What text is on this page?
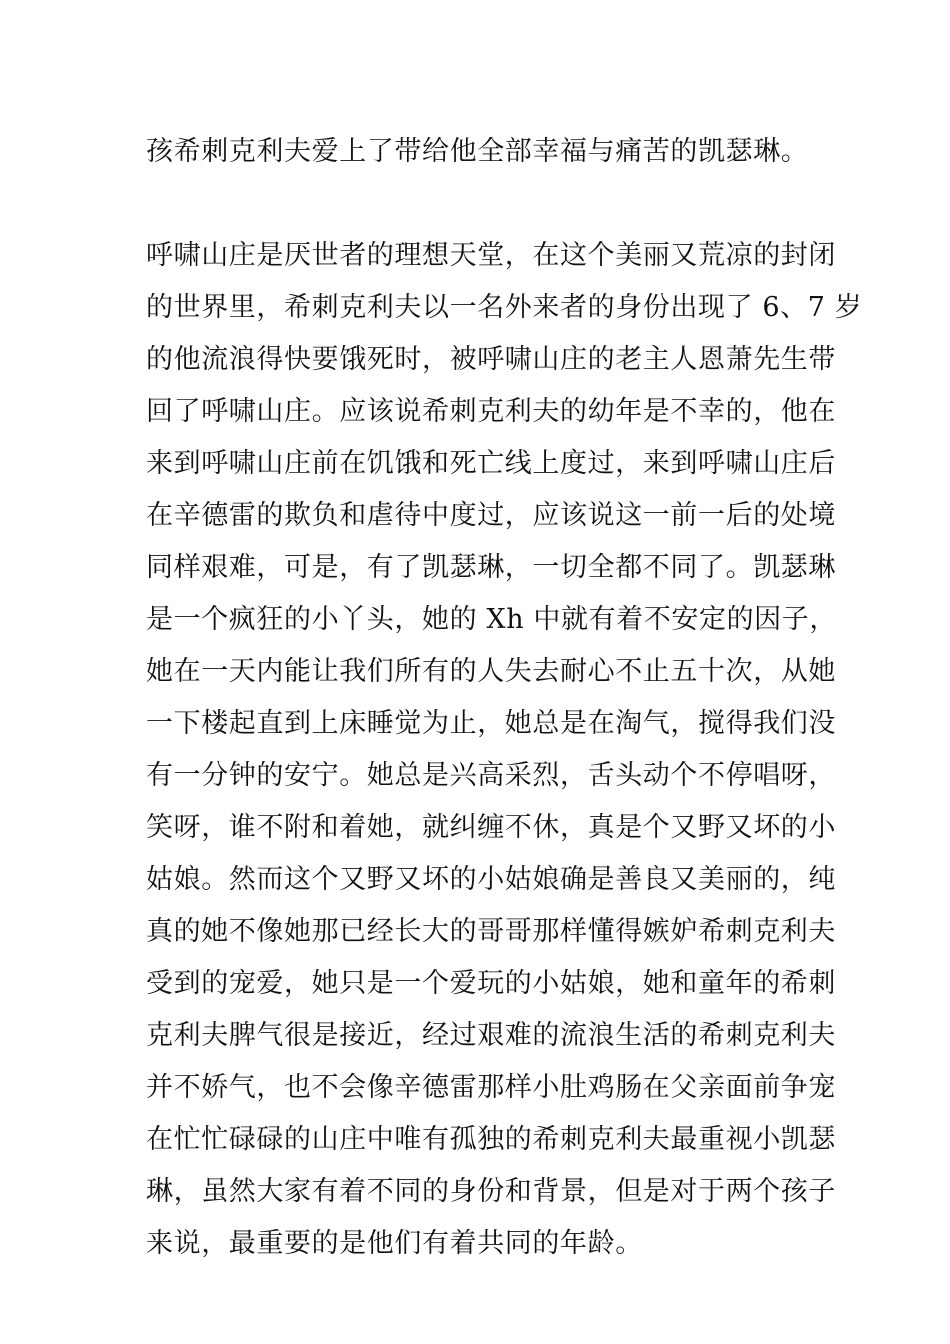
孩希刺克利夫爱上了带给他全部幸福与痛苦的凯瑟琳。
呼啸山庄是厌世者的理想天堂，在这个美丽又荒凉的封闭
的世界里，希刺克利夫以一名外来者的身份出现了 6、7 岁
的他流浪得快要饿死时，被呼啸山庄的老主人恩萧先生带
回了呼啸山庄。应该说希刺克利夫的幼年是不幸的，他在
来到呼啸山庄前在饥饿和死亡线上度过，来到呼啸山庄后
在辛德雷的欺负和虐待中度过，应该说这一前一后的处境
同样艰难，可是，有了凯瑟琳，一切全都不同了。凯瑟琳
是一个疯狂的小丫头，她的 Xh 中就有着不安定的因子，
她在一天内能让我们所有的人失去耐心不止五十次，从她
一下楼起直到上床睡觉为止，她总是在淘气，搅得我们没
有一分钟的安宁。她总是兴高采烈，舌头动个不停唱呀，
笑呀，谁不附和着她，就纠缠不休，真是个又野又坏的小
姑娘。然而这个又野又坏的小姑娘确是善良又美丽的，纯
真的她不像她那已经长大的哥哥那样懂得嫉妒希刺克利夫
受到的宠爱，她只是一个爱玩的小姑娘，她和童年的希刺
克利夫脾气很是接近，经过艰难的流浪生活的希刺克利夫
并不娇气，也不会像辛德雷那样小肚鸡肠在父亲面前争宠
在忙忙碌碌的山庄中唯有孤独的希刺克利夫最重视小凯瑟
琳，虽然大家有着不同的身份和背景，但是对于两个孩子
来说，最重要的是他们有着共同的年龄。
